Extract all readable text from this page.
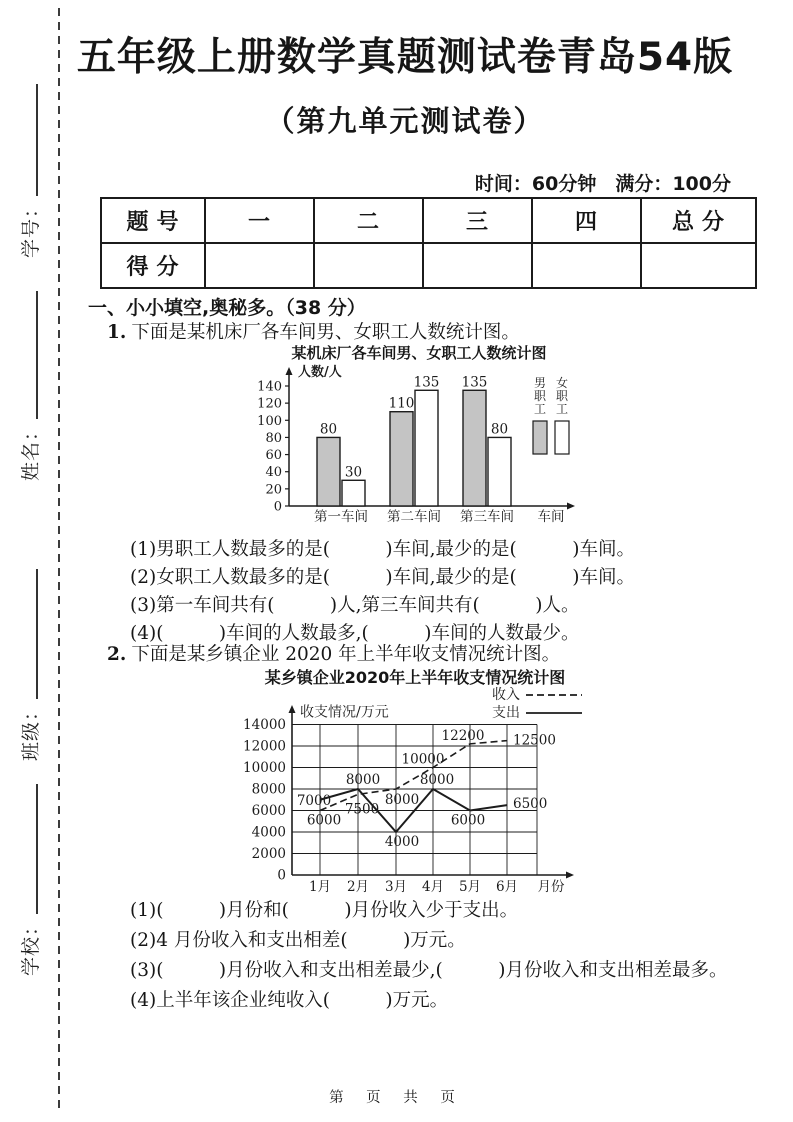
学号：
姓名：
班级：
学校：
五年级上册数学真题测试卷青岛54版
（第九单元测试卷）
时间：60分钟　满分：100分
题号	一	二	三	四	总分
得分					
一、小小填空,奥秘多。（38 分）
1. 下面是某机床厂各车间男、女职工人数统计图。
某机床厂各车间男、女职工人数统计图
0
20
40
60
80
100
120
140
人数/人
80
30
第一车间
110
135
第二车间
135
80
第三车间 车间
男
职
工
女
职
工
(1)男职工人数最多的是(　　　)车间,最少的是(　　　)车间。
(2)女职工人数最多的是(　　　)车间,最少的是(　　　)车间。
(3)第一车间共有(　　　)人,第三车间共有(　　　)人。
(4)(　　　)车间的人数最多,(　　　)车间的人数最少。
2. 下面是某乡镇企业 2020 年上半年收支情况统计图。
某乡镇企业2020年上半年收支情况统计图
0
2000
4000
6000
8000
10000
12000
14000
收支情况/万元
1月 2月 3月 4月 5月 6月 月份
收入
6000
7500
8000
10000
12200 12500
支出
7000
8000
4000
8000
6000
6500
(1)(　　　)月份和(　　　)月份收入少于支出。
(2)4 月份收入和支出相差(　　　)万元。
(3)(　　　)月份收入和支出相差最少,(　　　)月份收入和支出相差最多。
(4)上半年该企业纯收入(　　　)万元。
第 页 共 页
